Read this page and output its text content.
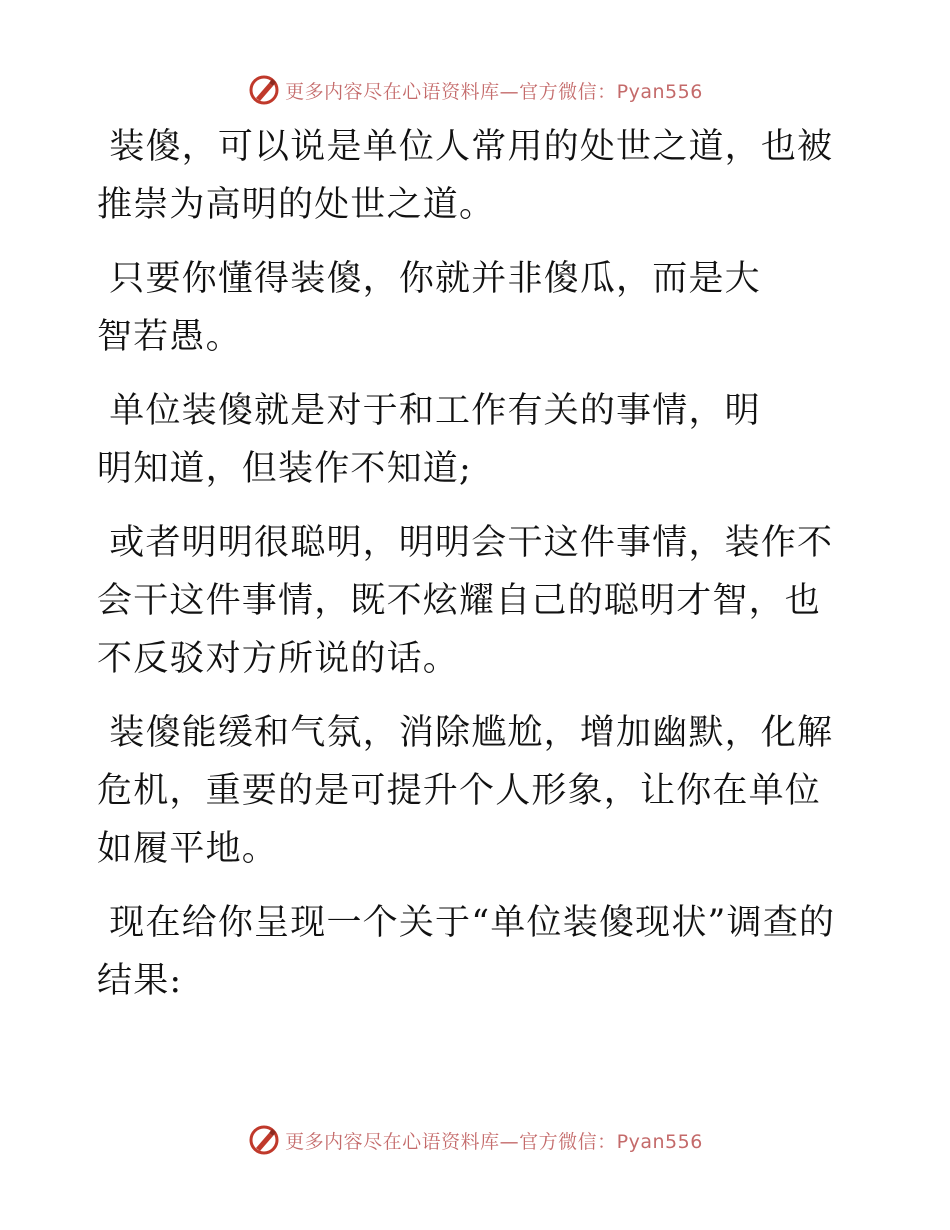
更多内容尽在心语资料库—官方微信：Pyan556

装傻，可以说是单位人常用的处世之道，也被推崇为高明的处世之道。

只要你懂得装傻，你就并非傻瓜，而是大智若愚。

单位装傻就是对于和工作有关的事情，明明知道，但装作不知道;

或者明明很聪明，明明会干这件事情，装作不会干这件事情，既不炫耀自己的聪明才智，也不反驳对方所说的话。

装傻能缓和气氛，消除尴尬，增加幽默，化解危机，重要的是可提升个人形象，让你在单位如履平地。

现在给你呈现一个关于“单位装傻现状”调查的结果:

更多内容尽在心语资料库—官方微信：Pyan556
